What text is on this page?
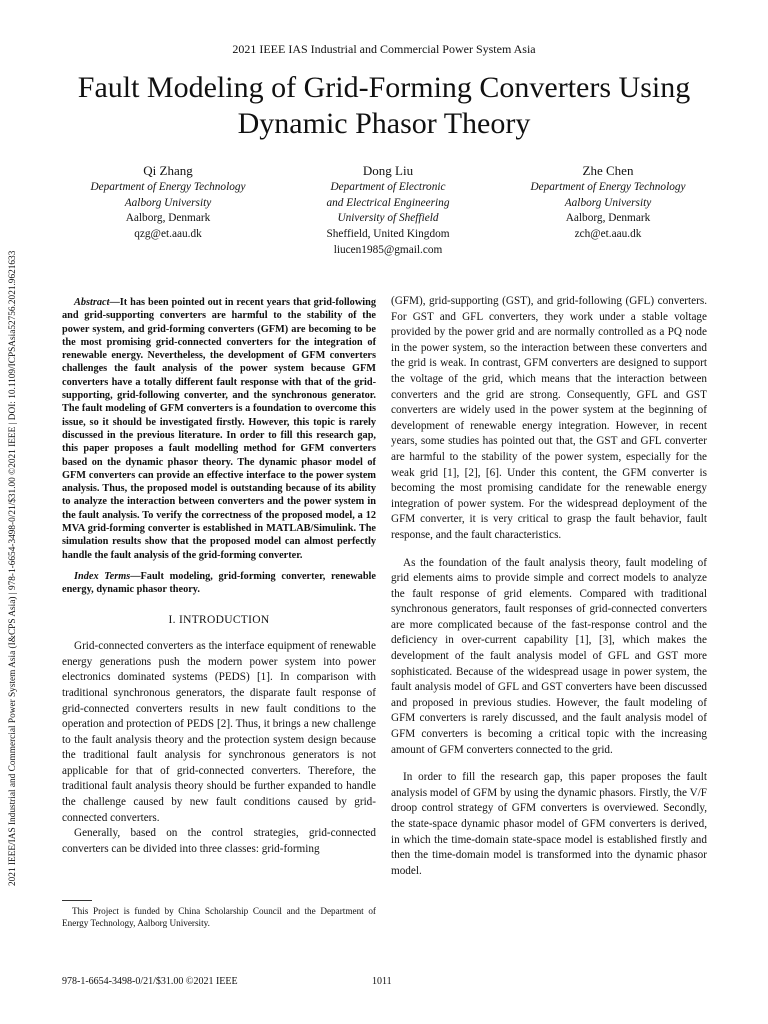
2021 IEEE IAS Industrial and Commercial Power System Asia
Fault Modeling of Grid-Forming Converters Using
Dynamic Phasor Theory
Qi Zhang
Department of Energy Technology
Aalborg University
Aalborg, Denmark
qzg@et.aau.dk
Dong Liu
Department of Electronic
and Electrical Engineering
University of Sheffield
Sheffield, United Kingdom
liucen1985@gmail.com
Zhe Chen
Department of Energy Technology
Aalborg University
Aalborg, Denmark
zch@et.aau.dk
2021 IEEE/IAS Industrial and Commercial Power System Asia (I&CPS Asia) | 978-1-6654-3498-0/21/$31.00 ©2021 IEEE | DOI: 10.1109/ICPSAsia52756.2021.9621633	Abstract—It has been pointed out in recent years that grid-following and grid-supporting converters are harmful to the stability of the power system, and grid-forming converters (GFM) are becoming to be the most promising grid-connected converters for the integration of renewable energy. Nevertheless, the development of GFM converters challenges the fault analysis of the power system because GFM converters have a totally different fault response with that of the grid-supporting, grid-following converter, and the synchronous generator. The fault modeling of GFM converters is a foundation to overcome this issue, so it should be investigated firstly. However, this topic is rarely discussed in the previous literature. In order to fill this research gap, this paper proposes a fault modelling method for GFM converters based on the dynamic phasor theory. The dynamic phasor model of GFM converters can provide an effective interface to the power system analysis. Thus, the proposed model is outstanding because of its ability to analyze the interaction between converters and the power system in the fault analysis. To verify the correctness of the proposed model, a 12 MVA grid-forming converter is established in MATLAB/Simulink. The simulation results show that the proposed model can almost perfectly handle the fault analysis of the grid-forming converter.

Index Terms—Fault modeling, grid-forming converter, renewable energy, dynamic phasor theory.

I. INTRODUCTION

Grid-connected converters as the interface equipment of renewable energy generations push the modern power system into power electronics dominated systems (PEDS) [1]. In comparison with traditional synchronous generators, the disparate fault response of grid-connected converters results in new fault conditions to the operation and protection of PEDS [2]. Thus, it brings a new challenge to the fault analysis theory and the protection system design because the traditional fault analysis for synchronous generators is not applicable for that of grid-connected converters. Therefore, the traditional fault analysis theory should be further expanded to handle the challenge caused by new fault conditions caused by grid-connected converters.

Generally, based on the control strategies, grid-connected converters can be divided into three classes: grid-forming

This Project is funded by China Scholarship Council and the Department of Energy Technology, Aalborg University.

(GFM), grid-supporting (GST), and grid-following (GFL) converters. For GST and GFL converters, they work under a stable voltage provided by the power grid and are normally controlled as a PQ node in the power system, so the interaction between these converters and the grid is weak. In contrast, GFM converters are designed to support the voltage of the grid, which means that the interaction between converters and the grid are strong. Consequently, GFL and GST converters are widely used in the power system at the beginning of development of renewable energy integration. However, in recent years, some studies has pointed out that, the GST and GFL converter are harmful to the stability of the power system, especially for the weak grid [1], [2], [6]. Under this content, the GFM converter is becoming the most promising candidate for the renewable energy integration of power system. For the widespread deployment of the GFM converter, it is very critical to grasp the fault behavior, fault response, and the fault characteristics.

As the foundation of the fault analysis theory, fault modeling of grid elements aims to provide simple and correct models to analyze the fault response of grid elements. Compared with traditional synchronous generators, fault responses of grid-connected converters are more complicated because of the fast-response control and the deficiency in over-current capability [1], [3], which makes the development of the fault analysis model of GFL and GST more sophisticated. Because of the widespread usage in power system, the fault analysis model of GFL and GST converters have been discussed and proposed in previous studies. However, the fault modeling of GFM converters is rarely discussed, and the fault analysis model of GFM converters is becoming a critical topic with the increasing amount of GFM converters connected to the grid.

In order to fill the research gap, this paper proposes the fault analysis model of GFM by using the dynamic phasors. Firstly, the V/F droop control strategy of GFM converters is overviewed. Secondly, the state-space dynamic phasor model of GFM converters is derived, in which the time-domain state-space model is established firstly and then the time-domain model is transformed into the dynamic phasor model.

978-1-6654-3498-0/21/$31.00 ©2021 IEEE	1011
